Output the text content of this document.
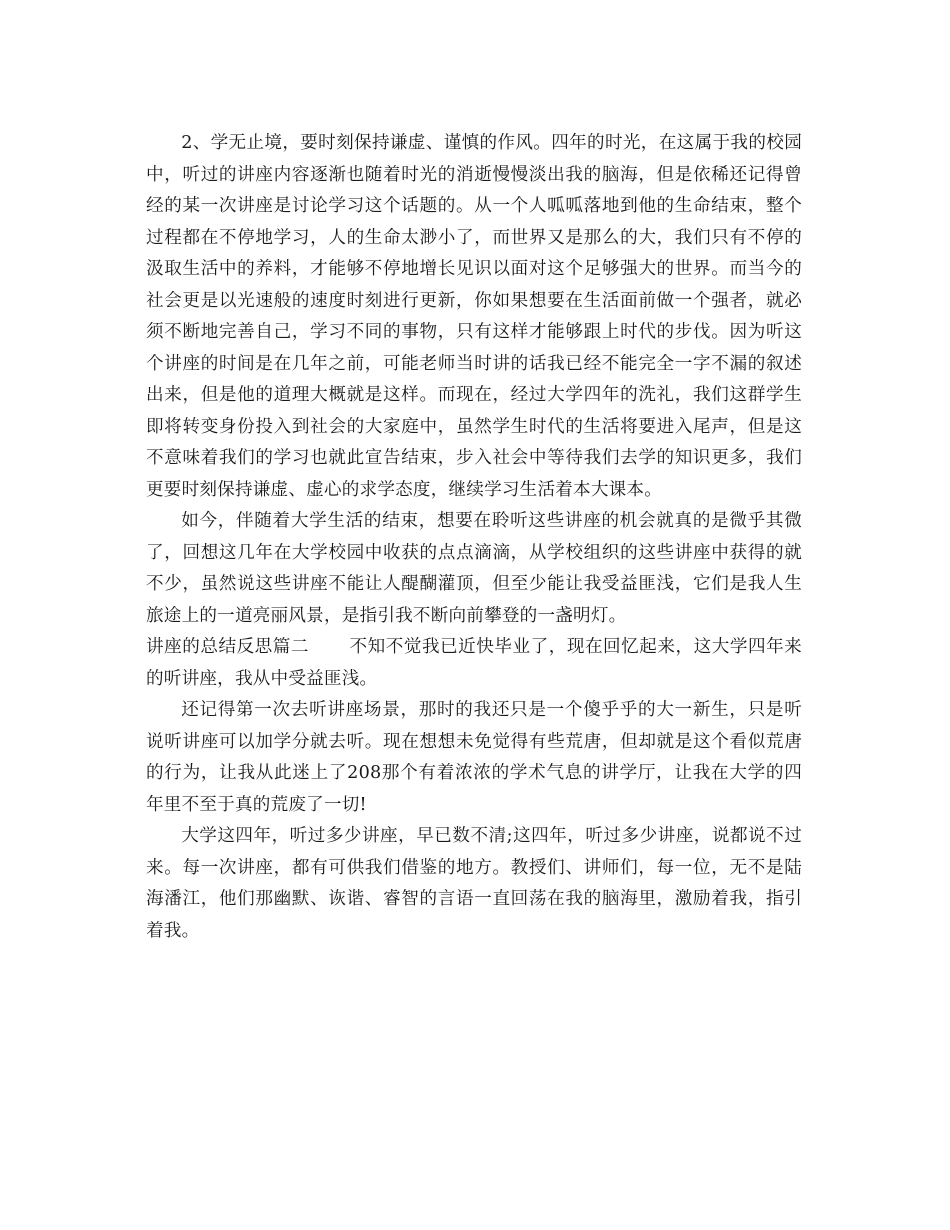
2、学无止境，要时刻保持谦虚、谨慎的作风。四年的时光，在这属于我的校园中，听过的讲座内容逐渐也随着时光的消逝慢慢淡出我的脑海，但是依稀还记得曾经的某一次讲座是讨论学习这个话题的。从一个人呱呱落地到他的生命结束，整个过程都在不停地学习，人的生命太渺小了，而世界又是那么的大，我们只有不停的汲取生活中的养料，才能够不停地增长见识以面对这个足够强大的世界。而当今的社会更是以光速般的速度时刻进行更新，你如果想要在生活面前做一个强者，就必须不断地完善自己，学习不同的事物，只有这样才能够跟上时代的步伐。因为听这个讲座的时间是在几年之前，可能老师当时讲的话我已经不能完全一字不漏的叙述出来，但是他的道理大概就是这样。而现在，经过大学四年的洗礼，我们这群学生即将转变身份投入到社会的大家庭中，虽然学生时代的生活将要进入尾声，但是这不意味着我们的学习也就此宣告结束，步入社会中等待我们去学的知识更多，我们更要时刻保持谦虚、虚心的求学态度，继续学习生活着本大课本。

如今，伴随着大学生活的结束，想要在聆听这些讲座的机会就真的是微乎其微了，回想这几年在大学校园中收获的点点滴滴，从学校组织的这些讲座中获得的就不少，虽然说这些讲座不能让人醍醐灌顶，但至少能让我受益匪浅，它们是我人生旅途上的一道亮丽风景，是指引我不断向前攀登的一盏明灯。

讲座的总结反思篇二 不知不觉我已近快毕业了，现在回忆起来，这大学四年来的听讲座，我从中受益匪浅。

还记得第一次去听讲座场景，那时的我还只是一个傻乎乎的大一新生，只是听说听讲座可以加学分就去听。现在想想未免觉得有些荒唐，但却就是这个看似荒唐的行为，让我从此迷上了208那个有着浓浓的学术气息的讲学厅，让我在大学的四年里不至于真的荒废了一切!

大学这四年，听过多少讲座，早已数不清;这四年，听过多少讲座，说都说不过来。每一次讲座，都有可供我们借鉴的地方。教授们、讲师们，每一位，无不是陆海潘江，他们那幽默、诙谐、睿智的言语一直回荡在我的脑海里，激励着我，指引着我。
